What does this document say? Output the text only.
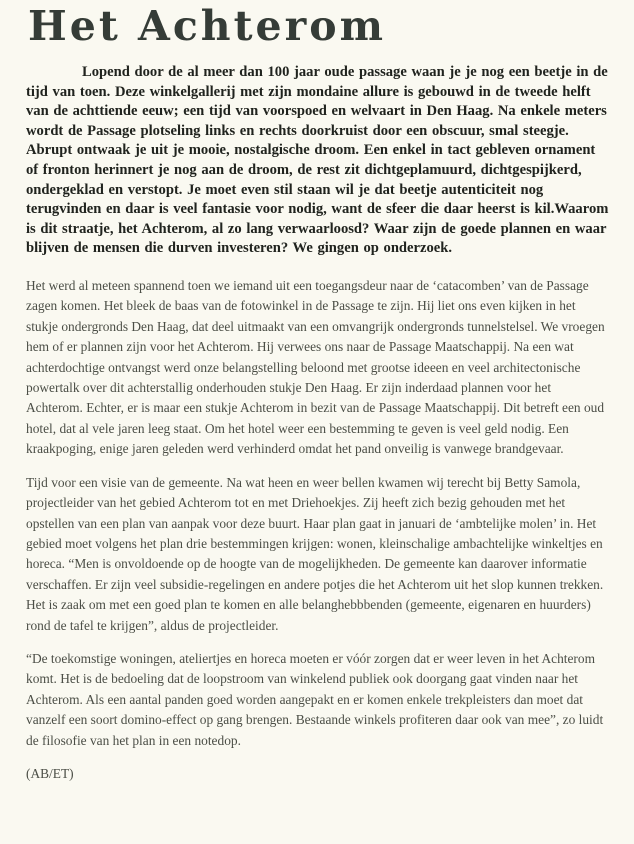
Het Achterom

Lopend door de al meer dan 100 jaar oude passage waan je je nog een beetje in de tijd van toen. Deze winkelgallerij met zijn mondaine allure is gebouwd in de tweede helft van de achttiende eeuw; een tijd van voorspoed en welvaart in Den Haag. Na enkele meters wordt de Passage plotseling links en rechts doorkruist door een obscuur, smal steegje. Abrupt ontwaak je uit je mooie, nostalgische droom. Een enkel in tact gebleven ornament of fronton herinnert je nog aan de droom, de rest zit dichtgeplamuurd, dichtgespijkerd, ondergeklad en verstopt. Je moet even stil staan wil je dat beetje autenticiteit nog terugvinden en daar is veel fantasie voor nodig, want de sfeer die daar heerst is kil.Waarom is dit straatje, het Achterom, al zo lang verwaarloosd? Waar zijn de goede plannen en waar blijven de mensen die durven investeren? We gingen op onderzoek.

Het werd al meteen spannend toen we iemand uit een toegangsdeur naar de ‘catacomben’ van de Passage zagen komen. Het bleek de baas van de fotowinkel in de Passage te zijn. Hij liet ons even kijken in het stukje ondergronds Den Haag, dat deel uitmaakt van een omvangrijk ondergronds tunnelstelsel. We vroegen hem of er plannen zijn voor het Achterom. Hij verwees ons naar de Passage Maatschappij. Na een wat achterdochtige ontvangst werd onze belangstelling beloond met grootse ideeen en veel architectonische powertalk over dit achterstallig onderhouden stukje Den Haag. Er zijn inderdaad plannen voor het Achterom. Echter, er is maar een stukje Achterom in bezit van de Passage Maatschappij. Dit betreft een oud hotel, dat al vele jaren leeg staat. Om het hotel weer een bestemming te geven is veel geld nodig. Een kraakpoging, enige jaren geleden werd verhinderd omdat het pand onveilig is vanwege brandgevaar.

Tijd voor een visie van de gemeente. Na wat heen en weer bellen kwamen wij terecht bij Betty Samola, projectleider van het gebied Achterom tot en met Driehoekjes. Zij heeft zich bezig gehouden met het opstellen van een plan van aanpak voor deze buurt. Haar plan gaat in januari de ‘ambtelijke molen’ in. Het gebied moet volgens het plan drie bestemmingen krijgen: wonen, kleinschalige ambachtelijke winkeltjes en horeca. “Men is onvoldoende op de hoogte van de mogelijkheden. De gemeente kan daarover informatie verschaffen. Er zijn veel subsidie-regelingen en andere potjes die het Achterom uit het slop kunnen trekken. Het is zaak om met een goed plan te komen en alle belanghebbbenden (gemeente, eigenaren en huurders) rond de tafel te krijgen”, aldus de projectleider.

“De toekomstige woningen, ateliertjes en horeca moeten er vóór zorgen dat er weer leven in het Achterom komt. Het is de bedoeling dat de loopstroom van winkelend publiek ook doorgang gaat vinden naar het Achterom. Als een aantal panden goed worden aangepakt en er komen enkele trekpleisters dan moet dat vanzelf een soort domino-effect op gang brengen. Bestaande winkels profiteren daar ook van mee”, zo luidt de filosofie van het plan in een notedop.

(AB/ET)
